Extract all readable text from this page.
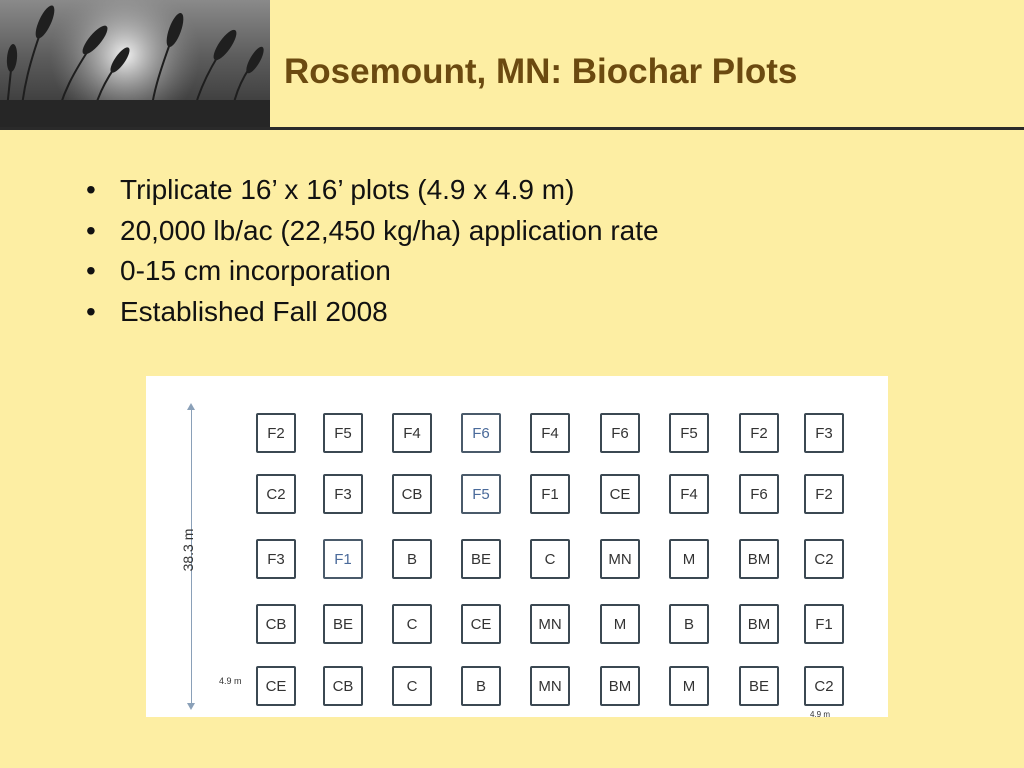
Rosemount, MN: Biochar Plots
• Triplicate 16’ x 16’ plots (4.9 x 4.9 m)
• 20,000 lb/ac (22,450 kg/ha) application rate
• 0-15 cm incorporation
• Established Fall 2008
38.3 m
4.9 m
4.9 m
F2	F5	F4	F6	F4	F6	F5	F2	F3
C2	F3	CB	F5	F1	CE	F4	F6	F2
F3	F1	B	BE	C	MN	M	BM	C2
CB	BE	C	CE	MN	M	B	BM	F1
CE	CB	C	B	MN	BM	M	BE	C2
